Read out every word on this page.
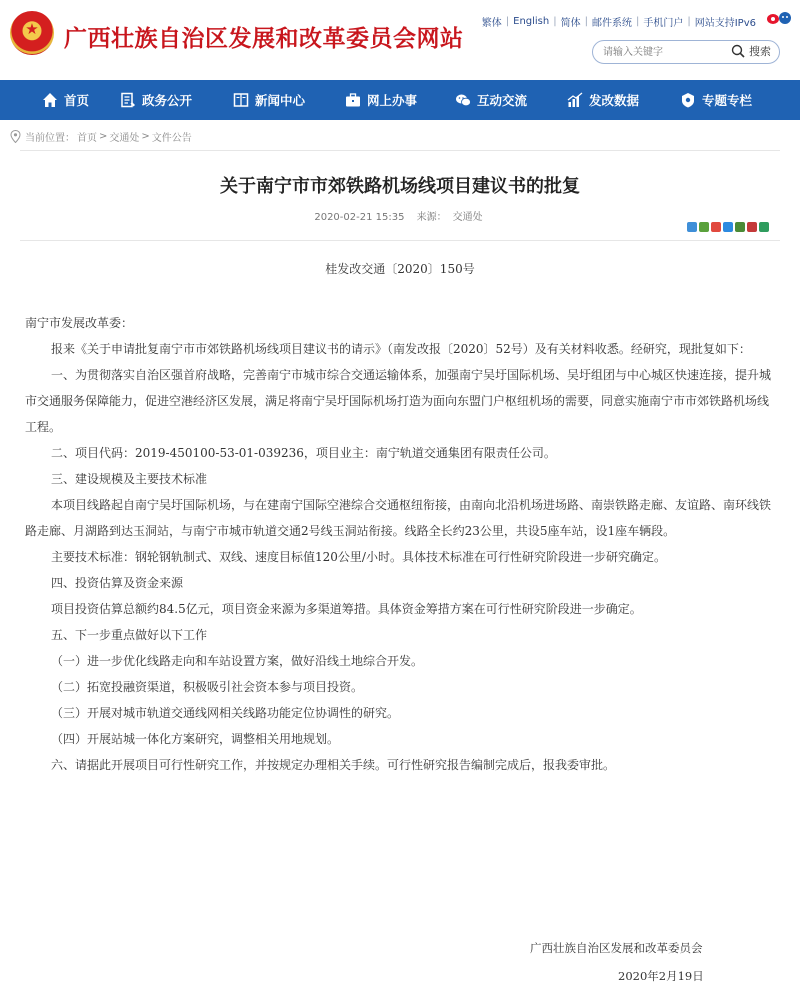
★	广西壮族自治区发展和改革委员会网站
繁体 | English | 简体 | 邮件系统 | 手机门户 | 网站支持IPv6
请输入关键字
搜索
首页	政务公开	新闻中心	网上办事	互动交流	发改数据	专题专栏
当前位置： 首页 > 交通处 > 文件公告
关于南宁市市郊铁路机场线项目建议书的批复
2020-02-21 15:35 来源： 交通处
桂发改交通〔2020〕150号

南宁市发展改革委：

报来《关于申请批复南宁市市郊铁路机场线项目建议书的请示》（南发改报〔2020〕52号）及有关材料收悉。经研究，现批复如下：

一、为贯彻落实自治区强首府战略，完善南宁市城市综合交通运输体系，加强南宁吴圩国际机场、吴圩组团与中心城区快速连接，提升城市交通服务保障能力，促进空港经济区发展，满足将南宁吴圩国际机场打造为面向东盟门户枢纽机场的需要，同意实施南宁市市郊铁路机场线工程。

二、项目代码：2019-450100-53-01-039236，项目业主：南宁轨道交通集团有限责任公司。

三、建设规模及主要技术标准

本项目线路起自南宁吴圩国际机场，与在建南宁国际空港综合交通枢纽衔接，由南向北沿机场进场路、南崇铁路走廊、友谊路、南环线铁路走廊、月湖路到达玉洞站，与南宁市城市轨道交通2号线玉洞站衔接。线路全长约23公里，共设5座车站，设1座车辆段。

主要技术标准：钢轮钢轨制式、双线、速度目标值120公里/小时。具体技术标准在可行性研究阶段进一步研究确定。

四、投资估算及资金来源

项目投资估算总额约84.5亿元，项目资金来源为多渠道筹措。具体资金筹措方案在可行性研究阶段进一步确定。

五、下一步重点做好以下工作

（一）进一步优化线路走向和车站设置方案，做好沿线土地综合开发。

（二）拓宽投融资渠道，积极吸引社会资本参与项目投资。

（三）开展对城市轨道交通线网相关线路功能定位协调性的研究。

（四）开展站城一体化方案研究，调整相关用地规划。

六、请据此开展项目可行性研究工作，并按规定办理相关手续。可行性研究报告编制完成后，报我委审批。

广西壮族自治区发展和改革委员会
2020年2月19日
